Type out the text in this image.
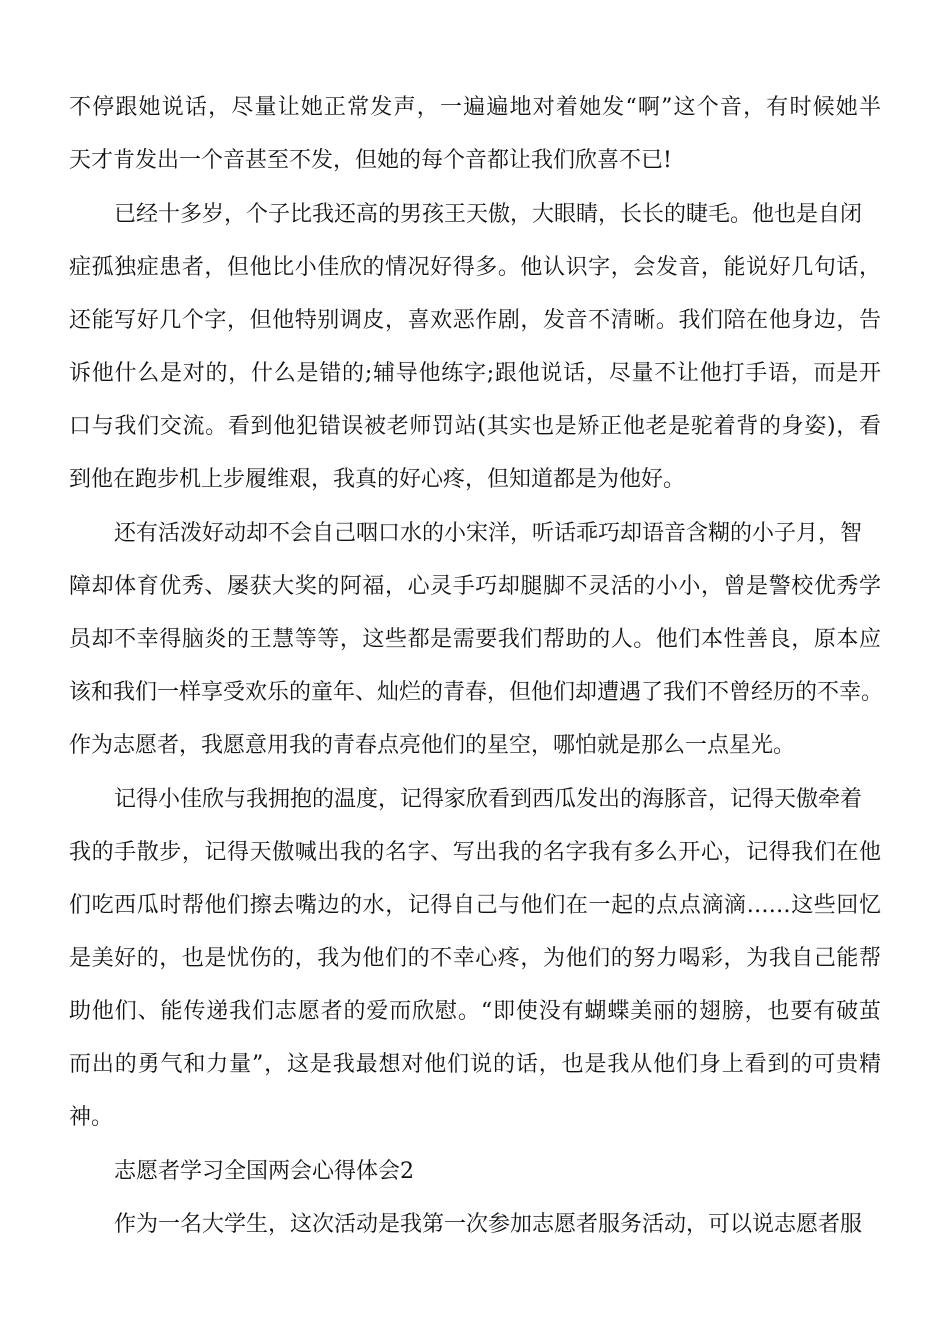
不停跟她说话，尽量让她正常发声，一遍遍地对着她发“啊”这个音，有时候她半
天才肯发出一个音甚至不发，但她的每个音都让我们欣喜不已!
已经十多岁，个子比我还高的男孩王天傲，大眼睛，长长的睫毛。他也是自闭
症孤独症患者，但他比小佳欣的情况好得多。他认识字，会发音，能说好几句话，
还能写好几个字，但他特别调皮，喜欢恶作剧，发音不清晰。我们陪在他身边，告
诉他什么是对的，什么是错的;辅导他练字;跟他说话，尽量不让他打手语，而是开
口与我们交流。看到他犯错误被老师罚站(其实也是矫正他老是驼着背的身姿)，看
到他在跑步机上步履维艰，我真的好心疼，但知道都是为他好。
还有活泼好动却不会自己咽口水的小宋洋，听话乖巧却语音含糊的小子月，智
障却体育优秀、屡获大奖的阿福，心灵手巧却腿脚不灵活的小小，曾是警校优秀学
员却不幸得脑炎的王慧等等，这些都是需要我们帮助的人。他们本性善良，原本应
该和我们一样享受欢乐的童年、灿烂的青春，但他们却遭遇了我们不曾经历的不幸。
作为志愿者，我愿意用我的青春点亮他们的星空，哪怕就是那么一点星光。
记得小佳欣与我拥抱的温度，记得家欣看到西瓜发出的海豚音，记得天傲牵着
我的手散步，记得天傲喊出我的名字、写出我的名字我有多么开心，记得我们在他
们吃西瓜时帮他们擦去嘴边的水，记得自己与他们在一起的点点滴滴……这些回忆
是美好的，也是忧伤的，我为他们的不幸心疼，为他们的努力喝彩，为我自己能帮
助他们、能传递我们志愿者的爱而欣慰。“即使没有蝴蝶美丽的翅膀，也要有破茧
而出的勇气和力量”，这是我最想对他们说的话，也是我从他们身上看到的可贵精
神。
志愿者学习全国两会心得体会2
作为一名大学生，这次活动是我第一次参加志愿者服务活动，可以说志愿者服
